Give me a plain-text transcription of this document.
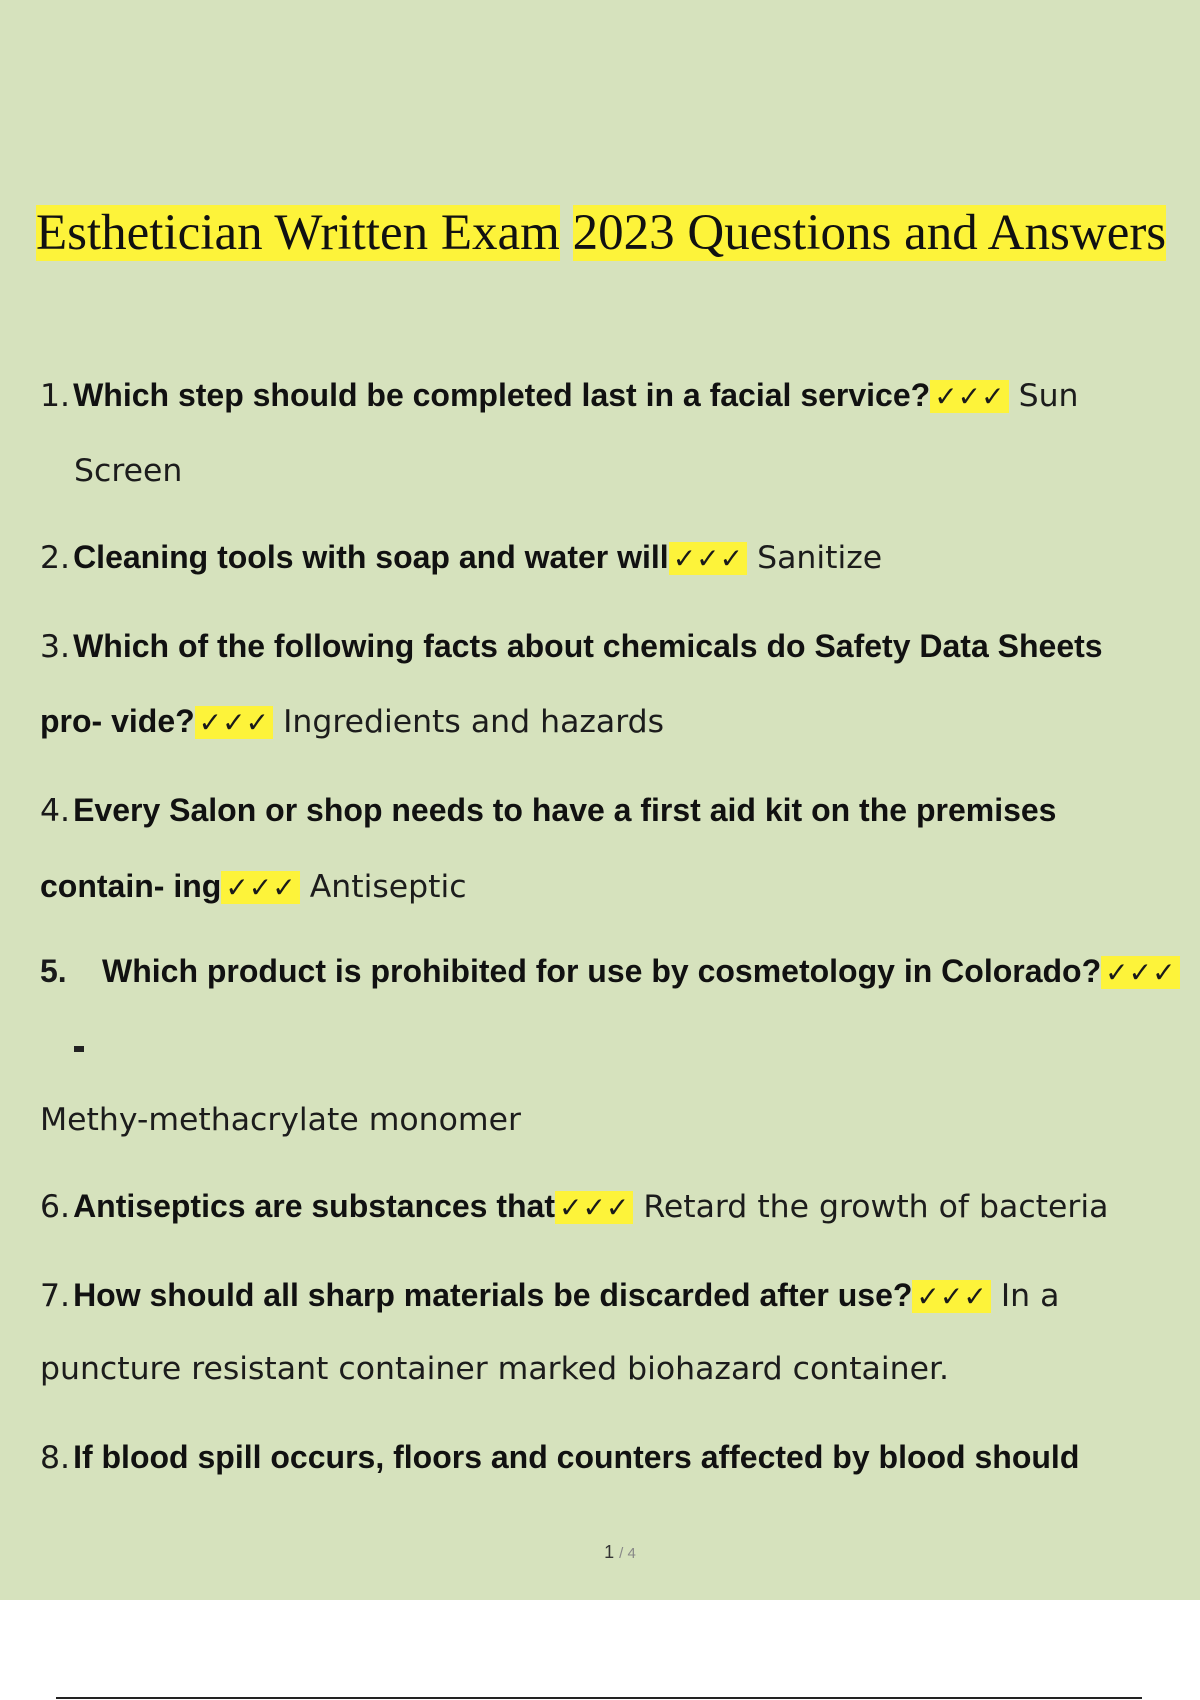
Esthetician Written Exam 2023 Questions and Answers
1.Which step should be completed last in a facial service? ✓✓✓ Sun
Screen
2.Cleaning tools with soap and water will ✓✓✓ Sanitize
3.Which of the following facts about chemicals do Safety Data Sheets
pro- vide? ✓✓✓ Ingredients and hazards
4.Every Salon or shop needs to have a first aid kit on the premises
contain- ing ✓✓✓ Antiseptic
5. Which product is prohibited for use by cosmetology in Colorado? ✓✓✓
Methy-methacrylate monomer
6.Antiseptics are substances that ✓✓✓ Retard the growth of bacteria
7.How should all sharp materials be discarded after use? ✓✓✓ In a
puncture resistant container marked biohazard container.
8.If blood spill occurs, floors and counters affected by blood should
1 / 4
